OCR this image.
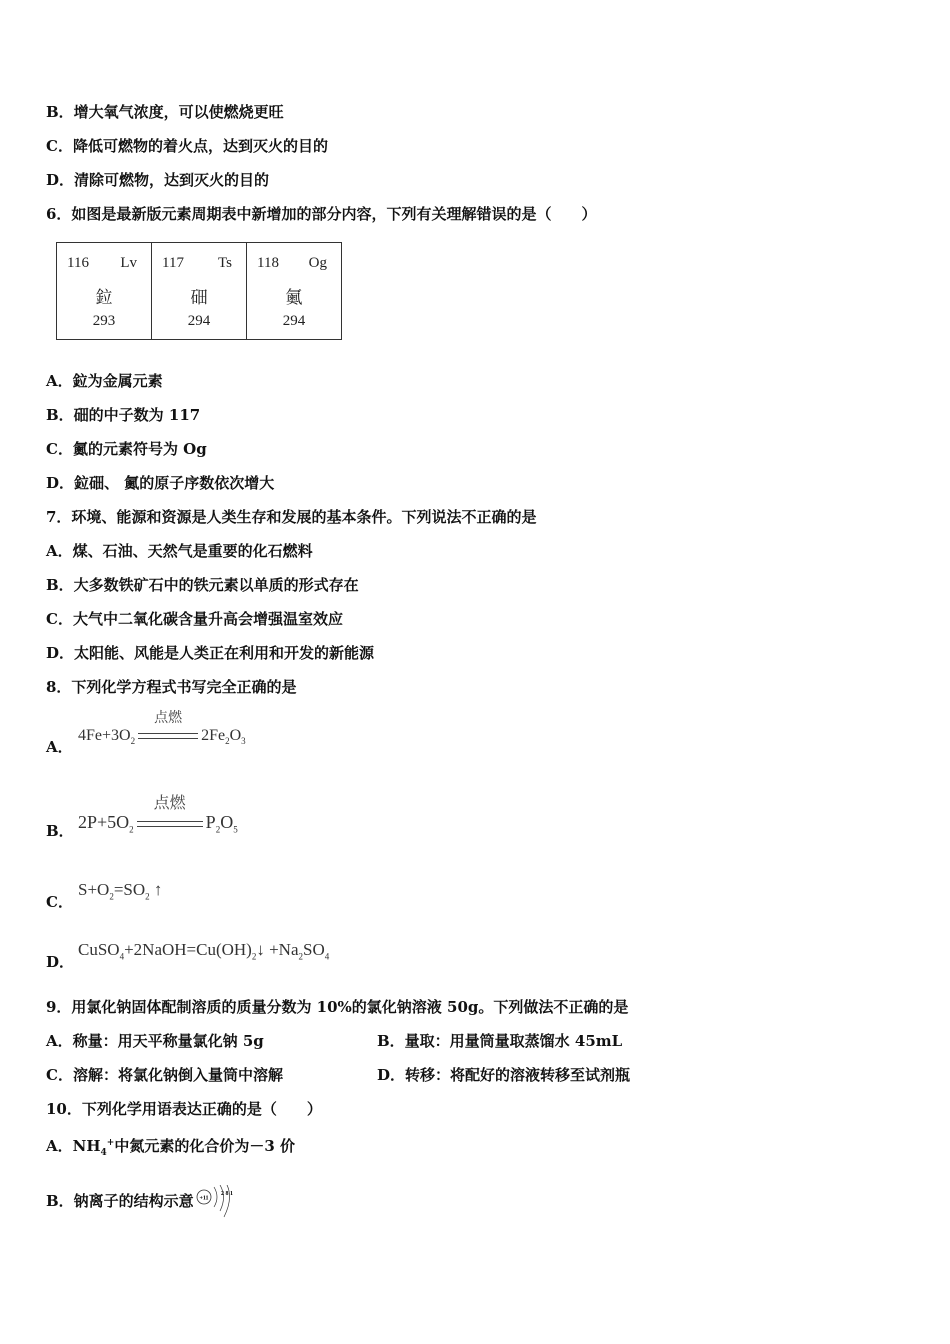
B．增大氧气浓度，可以使燃烧更旺
C．降低可燃物的着火点，达到灭火的目的
D．清除可燃物，达到灭火的目的
6．如图是最新版元素周期表中新增加的部分内容，下列有关理解错误的是（　　）
116 Lv
鉝
293
117 Ts
鿬
294
118 Og
鿫
294
A．鉝为金属元素
B．鿬的中子数为 117
C．鿫的元素符号为 Og
D．鉝鿬、 鿫的原子序数依次增大
7．环境、能源和资源是人类生存和发展的基本条件。下列说法不正确的是
A．煤、石油、天然气是重要的化石燃料
B．大多数铁矿石中的铁元素以单质的形式存在
C．大气中二氧化碳含量升高会增强温室效应
D．太阳能、风能是人类正在利用和开发的新能源
8．下列化学方程式书写完全正确的是
A．
$4Fe+3O_2$
点燃
$2Fe_2O_3$
B． $2P+5O_2$
点燃
$P_2O_5$
C．
$S+O_2=SO_2$ ↑
D．
$CuSO_4+2NaOH=Cu(OH)_2↓ +Na_2SO_4$
9．用氯化钠固体配制溶质的质量分数为 10%的氯化钠溶液 50g。下列做法不正确的是
A．称量：用天平称量氯化钠 5g	B．量取：用量筒量取蒸馏水 45mL
C．溶解：将氯化钠倒入量筒中溶解	D．转移：将配好的溶液转移至试剂瓶
10．下列化学用语表达正确的是（　　）
A．$NH_4^+$中氮元素的化合价为－3 价
B．钠离子的结构示意 +11
2 8 1
